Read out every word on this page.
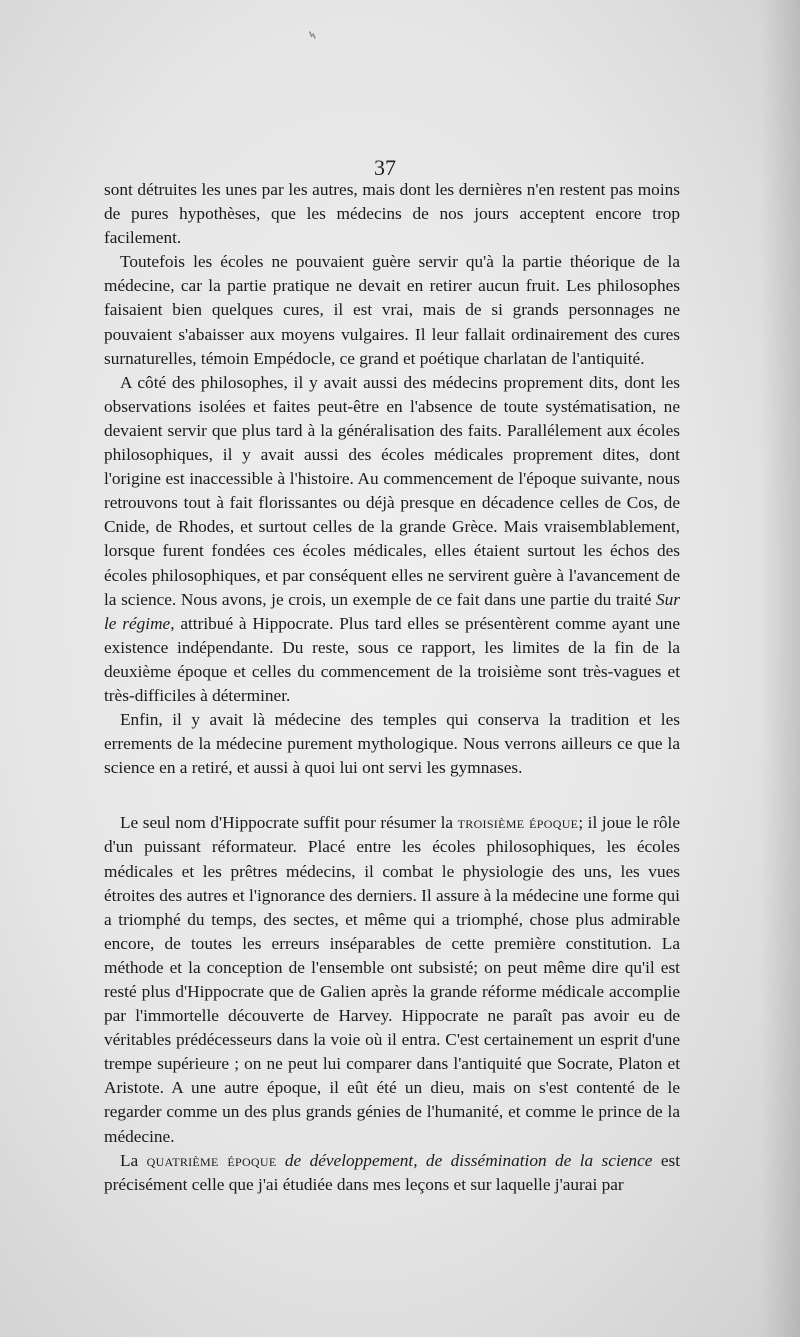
⌁
37

sont détruites les unes par les autres, mais dont les dernières n'en restent pas moins de pures hypothèses, que les médecins de nos jours acceptent encore trop facilement.

Toutefois les écoles ne pouvaient guère servir qu'à la partie théorique de la médecine, car la partie pratique ne devait en retirer aucun fruit. Les philosophes faisaient bien quelques cures, il est vrai, mais de si grands personnages ne pouvaient s'abaisser aux moyens vulgaires. Il leur fallait ordinairement des cures surnaturelles, témoin Empédocle, ce grand et poétique charlatan de l'antiquité.

A côté des philosophes, il y avait aussi des médecins proprement dits, dont les observations isolées et faites peut-être en l'absence de toute systématisation, ne devaient servir que plus tard à la généralisation des faits. Parallélement aux écoles philosophiques, il y avait aussi des écoles médicales proprement dites, dont l'origine est inaccessible à l'histoire. Au commencement de l'époque suivante, nous retrouvons tout à fait florissantes ou déjà presque en décadence celles de Cos, de Cnide, de Rhodes, et surtout celles de la grande Grèce. Mais vraisemblablement, lorsque furent fondées ces écoles médicales, elles étaient surtout les échos des écoles philosophiques, et par conséquent elles ne servirent guère à l'avancement de la science. Nous avons, je crois, un exemple de ce fait dans une partie du traité Sur le régime, attribué à Hippocrate. Plus tard elles se présentèrent comme ayant une existence indépendante. Du reste, sous ce rapport, les limites de la fin de la deuxième époque et celles du commencement de la troisième sont très-vagues et très-difficiles à déterminer.

Enfin, il y avait là médecine des temples qui conserva la tradition et les errements de la médecine purement mythologique. Nous verrons ailleurs ce que la science en a retiré, et aussi à quoi lui ont servi les gymnases.

Le seul nom d'Hippocrate suffit pour résumer la troisième époque; il joue le rôle d'un puissant réformateur. Placé entre les écoles philosophiques, les écoles médicales et les prêtres médecins, il combat le physiologie des uns, les vues étroites des autres et l'ignorance des derniers. Il assure à la médecine une forme qui a triomphé du temps, des sectes, et même qui a triomphé, chose plus admirable encore, de toutes les erreurs inséparables de cette première constitution. La méthode et la conception de l'ensemble ont subsisté; on peut même dire qu'il est resté plus d'Hippocrate que de Galien après la grande réforme médicale accomplie par l'immortelle découverte de Harvey. Hippocrate ne paraît pas avoir eu de véritables prédécesseurs dans la voie où il entra. C'est certainement un esprit d'une trempe supérieure ; on ne peut lui comparer dans l'antiquité que Socrate, Platon et Aristote. A une autre époque, il eût été un dieu, mais on s'est contenté de le regarder comme un des plus grands génies de l'humanité, et comme le prince de la médecine.

La quatrième époque de développement, de dissémination de la science est précisément celle que j'ai étudiée dans mes leçons et sur laquelle j'aurai par
